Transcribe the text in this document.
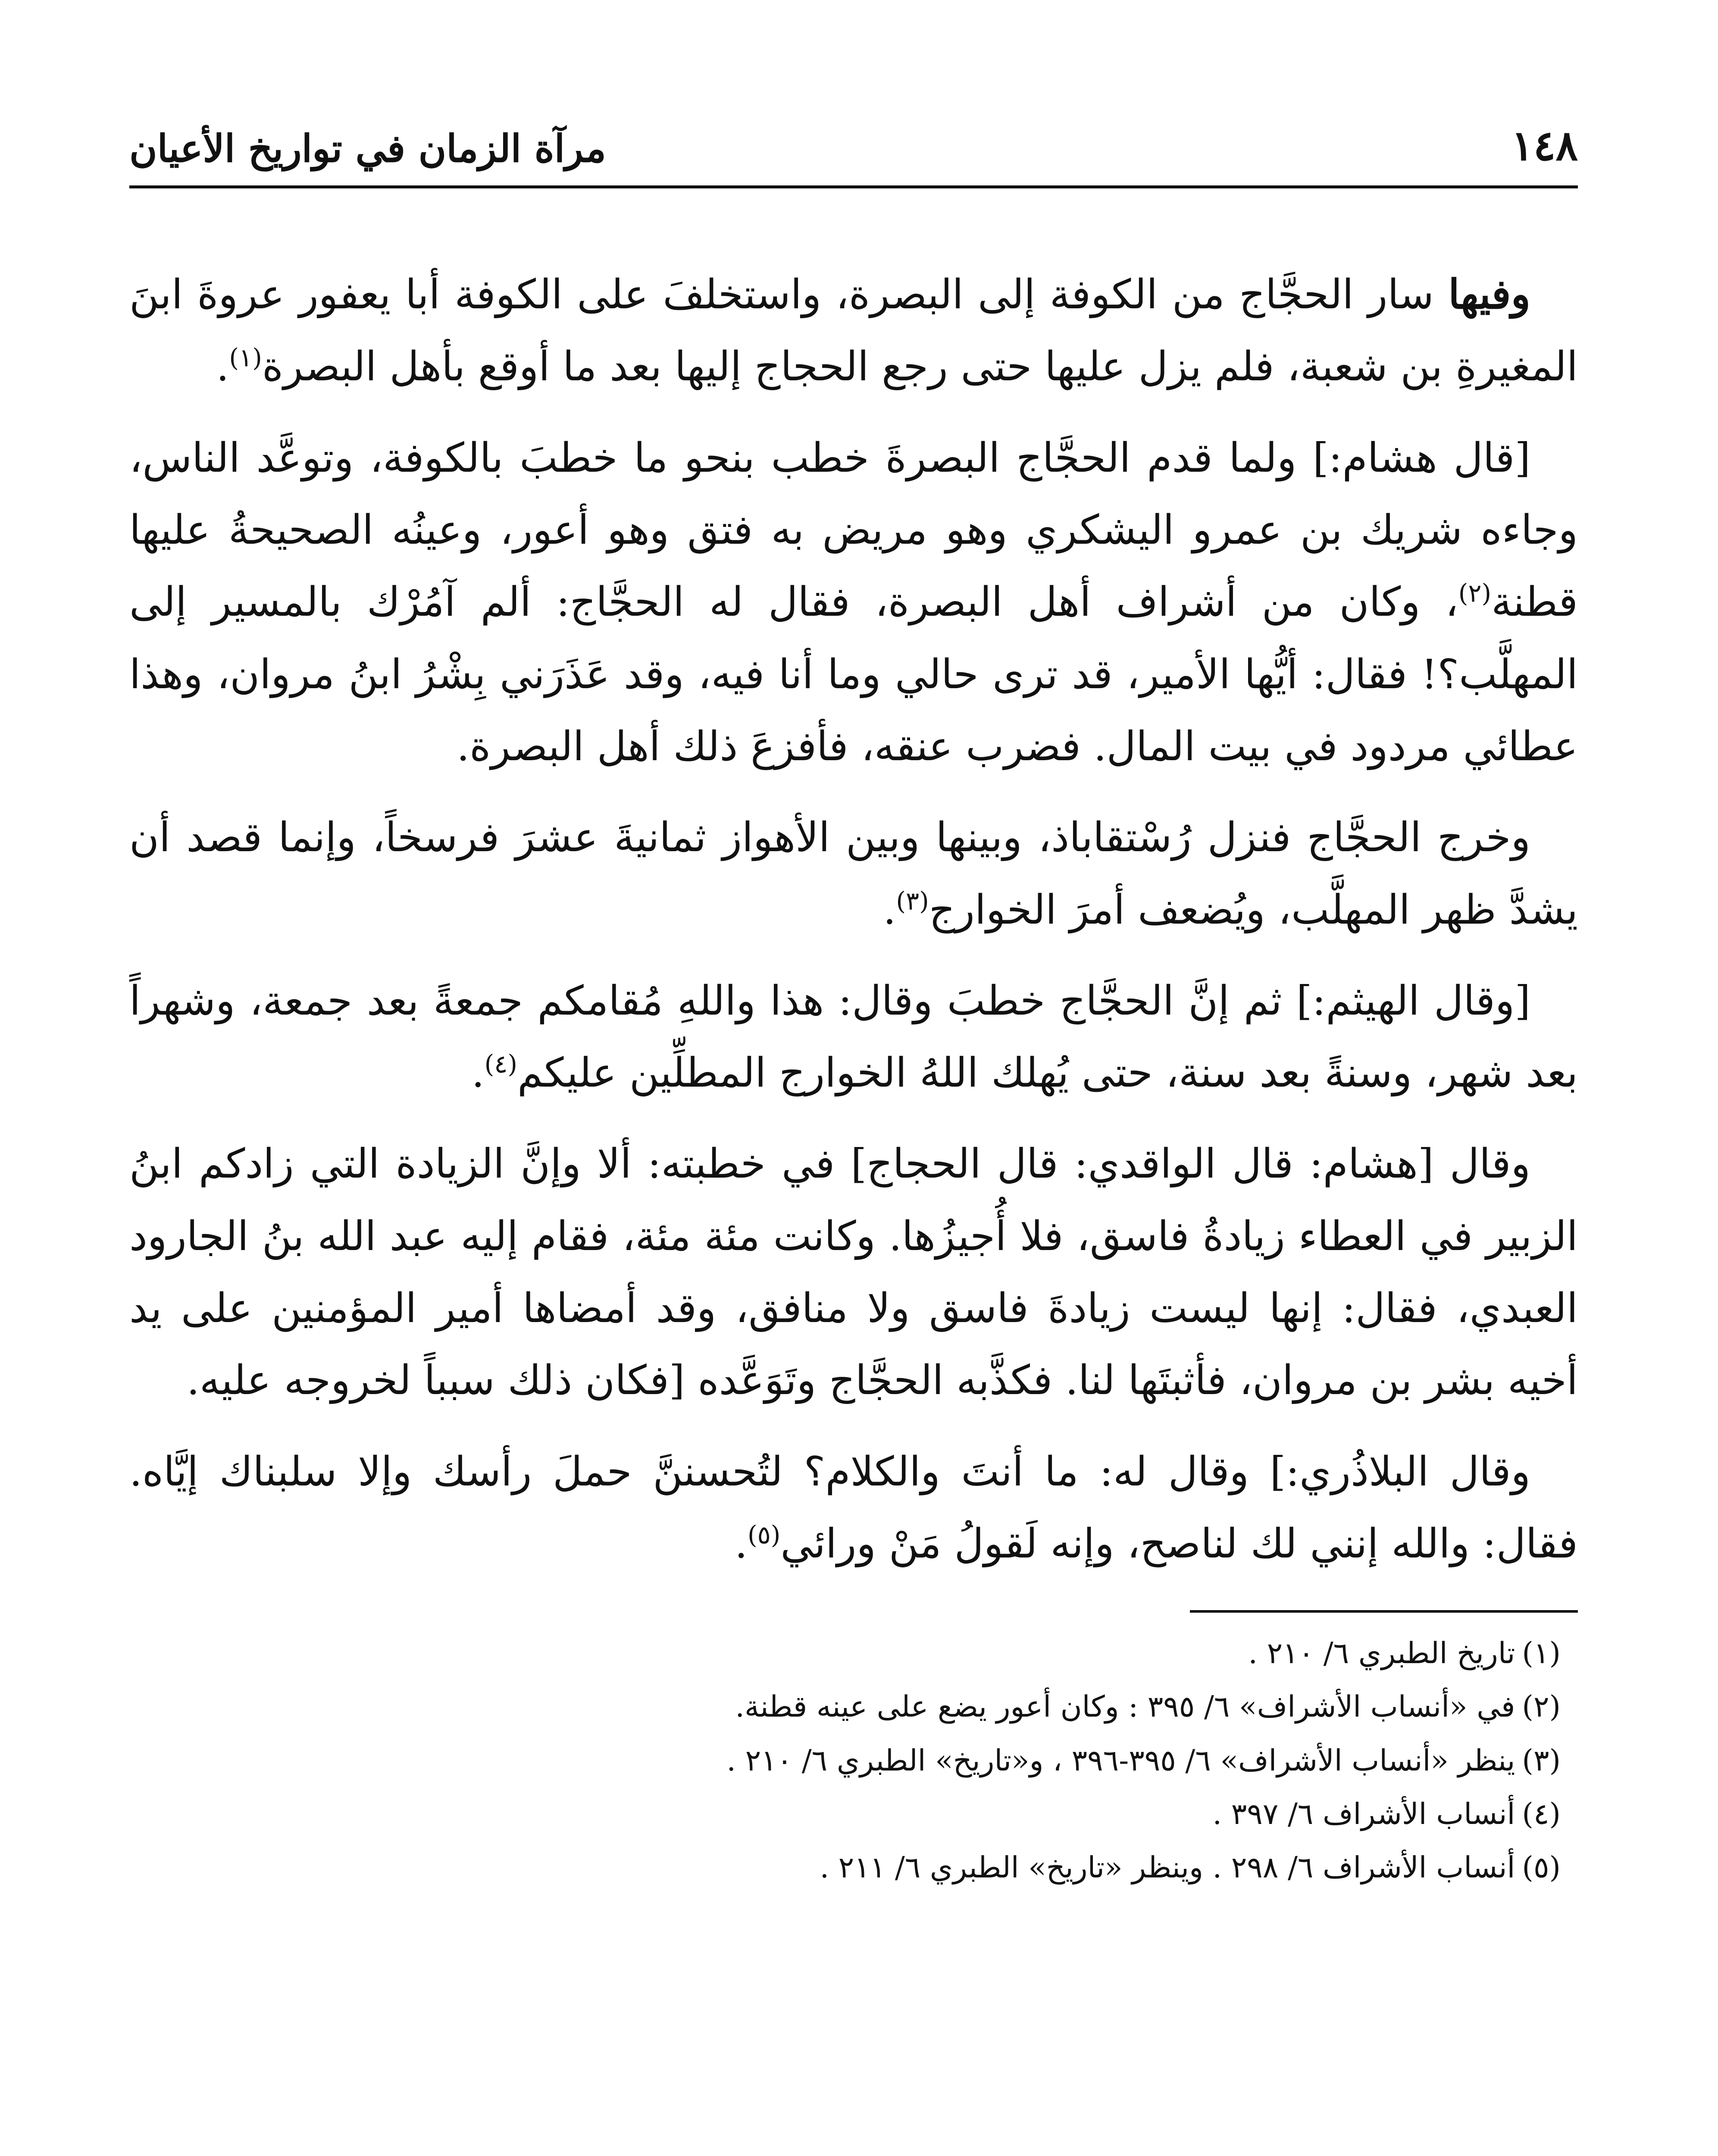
١٤٨
مرآة الزمان في تواريخ الأعيان

وفيها سار الحجَّاج من الكوفة إلى البصرة، واستخلفَ على الكوفة أبا يعفور عروةَ ابنَ المغيرةِ بن شعبة، فلم يزل عليها حتى رجع الحجاج إليها بعد ما أوقع بأهل البصرة$^{(١)}$.

[قال هشام:] ولما قدم الحجَّاج البصرةَ خطب بنحو ما خطبَ بالكوفة، وتوعَّد الناس، وجاءه شريك بن عمرو اليشكري وهو مريض به فتق وهو أعور، وعينُه الصحيحةُ عليها قطنة$^{(٢)}$، وكان من أشراف أهل البصرة، فقال له الحجَّاج: ألم آمُرْك بالمسير إلى المهلَّب؟! فقال: أيُّها الأمير، قد ترى حالي وما أنا فيه، وقد عَذَرَني بِشْرُ ابنُ مروان، وهذا عطائي مردود في بيت المال. فضرب عنقه، فأفزعَ ذلك أهل البصرة.

وخرج الحجَّاج فنزل رُسْتقاباذ، وبينها وبين الأهواز ثمانيةَ عشرَ فرسخاً، وإنما قصد أن يشدَّ ظهر المهلَّب، ويُضعف أمرَ الخوارج$^{(٣)}$.

[وقال الهيثم:] ثم إنَّ الحجَّاج خطبَ وقال: هذا واللهِ مُقامكم جمعةً بعد جمعة، وشهراً بعد شهر، وسنةً بعد سنة، حتى يُهلك اللهُ الخوارج المطلِّين عليكم$^{(٤)}$.

وقال [هشام: قال الواقدي: قال الحجاج] في خطبته: ألا وإنَّ الزيادة التي زادكم ابنُ الزبير في العطاء زيادةُ فاسق، فلا أُجيزُها. وكانت مئة مئة، فقام إليه عبد الله بنُ الجارود العبدي، فقال: إنها ليست زيادةَ فاسق ولا منافق، وقد أمضاها أمير المؤمنين على يد أخيه بشر بن مروان، فأثبتَها لنا. فكذَّبه الحجَّاج وتَوَعَّده [فكان ذلك سبباً لخروجه عليه.

وقال البلاذُري:] وقال له: ما أنتَ والكلام؟ لتُحسننَّ حملَ رأسك وإلا سلبناك إيَّاه. فقال: والله إنني لك لناصح، وإنه لَقولُ مَنْ ورائي$^{(٥)}$.

(١)تاريخ الطبري ٦/ ٢١٠ .
(٢)في «أنساب الأشراف» ٦/ ٣٩٥ : وكان أعور يضع على عينه قطنة.
(٣)ينظر «أنساب الأشراف» ٦/ ٣٩٥-٣٩٦ ، و«تاريخ» الطبري ٦/ ٢١٠ .
(٤)أنساب الأشراف ٦/ ٣٩٧ .
(٥)أنساب الأشراف ٦/ ٢٩٨ . وينظر «تاريخ» الطبري ٦/ ٢١١ .
